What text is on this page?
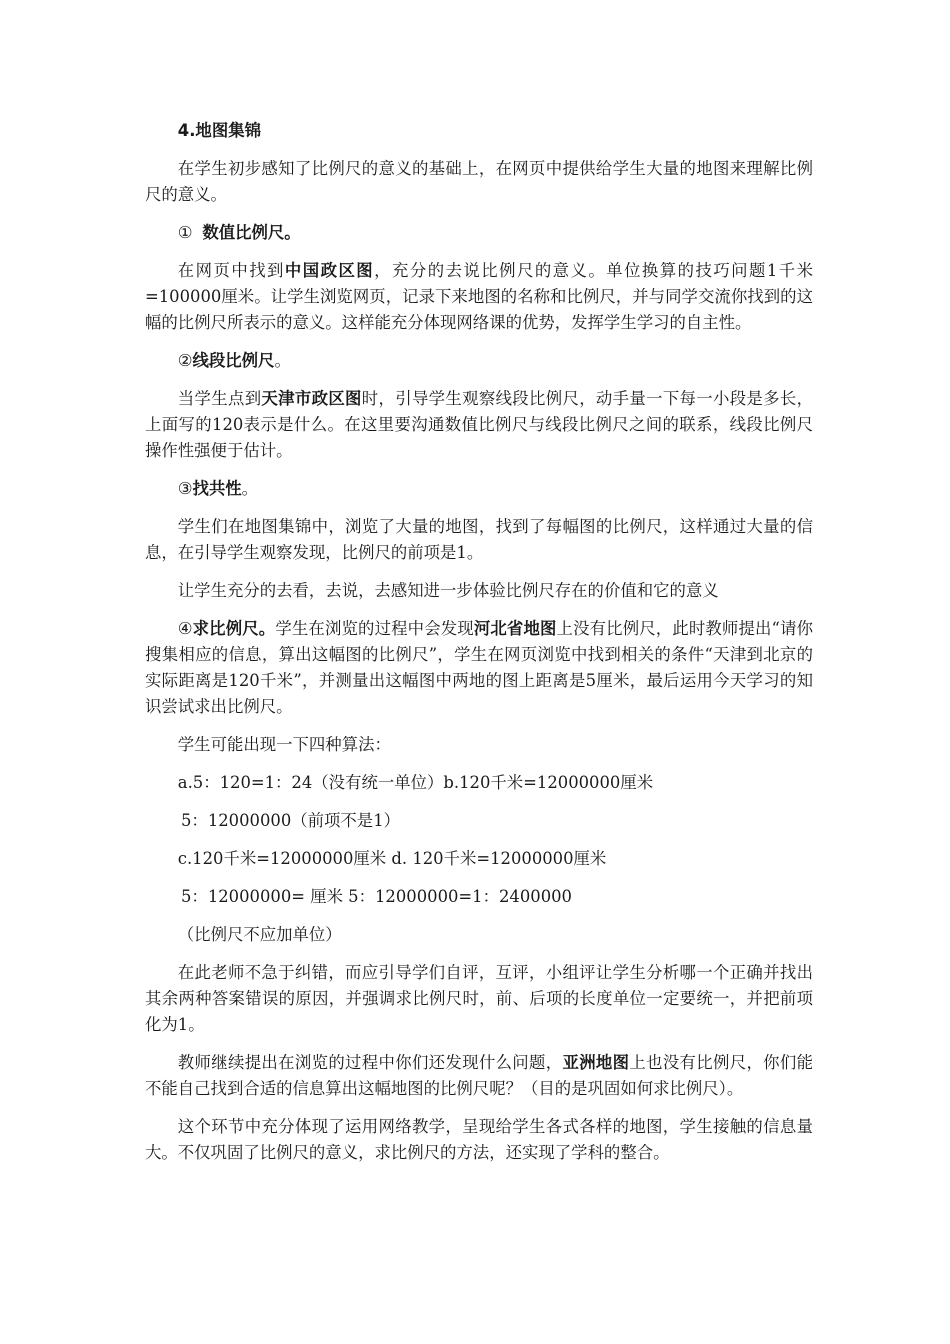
4.地图集锦

在学生初步感知了比例尺的意义的基础上，在网页中提供给学生大量的地图来理解比例尺的意义。

① 数值比例尺。

在网页中找到中国政区图，充分的去说比例尺的意义。单位换算的技巧问题1千米=100000厘米。让学生浏览网页，记录下来地图的名称和比例尺，并与同学交流你找到的这幅的比例尺所表示的意义。这样能充分体现网络课的优势，发挥学生学习的自主性。

②线段比例尺。

当学生点到天津市政区图时，引导学生观察线段比例尺，动手量一下每一小段是多长，上面写的120表示是什么。在这里要沟通数值比例尺与线段比例尺之间的联系，线段比例尺操作性强便于估计。

③找共性。

学生们在地图集锦中，浏览了大量的地图，找到了每幅图的比例尺，这样通过大量的信息，在引导学生观察发现，比例尺的前项是1。

让学生充分的去看，去说，去感知进一步体验比例尺存在的价值和它的意义

④求比例尺。学生在浏览的过程中会发现河北省地图上没有比例尺，此时教师提出“请你搜集相应的信息，算出这幅图的比例尺”，学生在网页浏览中找到相关的条件“天津到北京的实际距离是120千米”，并测量出这幅图中两地的图上距离是5厘米，最后运用今天学习的知识尝试求出比例尺。

学生可能出现一下四种算法：

a.5：120=1：24（没有统一单位）b.120千米=12000000厘米

5：12000000（前项不是1）

c.120千米=12000000厘米 d. 120千米=12000000厘米

5：12000000= 厘米 5：12000000=1：2400000

（比例尺不应加单位）

在此老师不急于纠错，而应引导学们自评，互评，小组评让学生分析哪一个正确并找出其余两种答案错误的原因，并强调求比例尺时，前、后项的长度单位一定要统一，并把前项化为1。

教师继续提出在浏览的过程中你们还发现什么问题，亚洲地图上也没有比例尺，你们能不能自己找到合适的信息算出这幅地图的比例尺呢？（目的是巩固如何求比例尺）。

这个环节中充分体现了运用网络教学，呈现给学生各式各样的地图，学生接触的信息量大。不仅巩固了比例尺的意义，求比例尺的方法，还实现了学科的整合。
